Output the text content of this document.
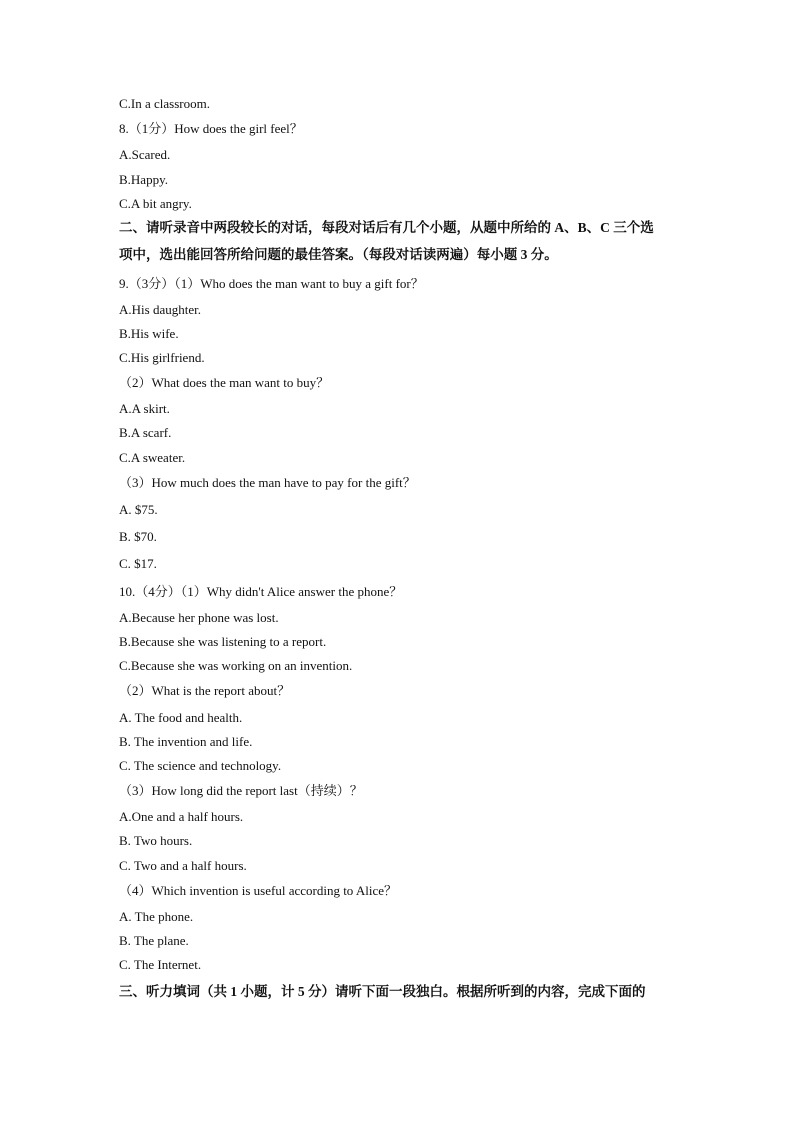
C.In a classroom.
8.（1分）How does the girl feel？
A.Scared.
B.Happy.
C.A bit angry.
二、请听录音中两段较长的对话，每段对话后有几个小题，从题中所给的 A、B、C 三个选
项中，选出能回答所给问题的最佳答案。（每段对话读两遍）每小题 3 分。
9.（3分）（1）Who does the man want to buy a gift for？
A.His daughter.
B.His wife.
C.His girlfriend.
（2）What does the man want to buy？
A.A skirt.
B.A scarf.
C.A sweater.
（3）How much does the man have to pay for the gift？
A. $75.
B. $70.
C. $17.
10.（4分）（1）Why didn't Alice answer the phone？
A.Because her phone was lost.
B.Because she was listening to a report.
C.Because she was working on an invention.
（2）What is the report about？
A. The food and health.
B. The invention and life.
C. The science and technology.
（3）How long did the report last（持续）？
A.One and a half hours.
B. Two hours.
C. Two and a half hours.
（4）Which invention is useful according to Alice？
A. The phone.
B. The plane.
C. The Internet.
三、听力填词（共 1 小题，计 5 分）请听下面一段独白。根据所听到的内容，完成下面的
